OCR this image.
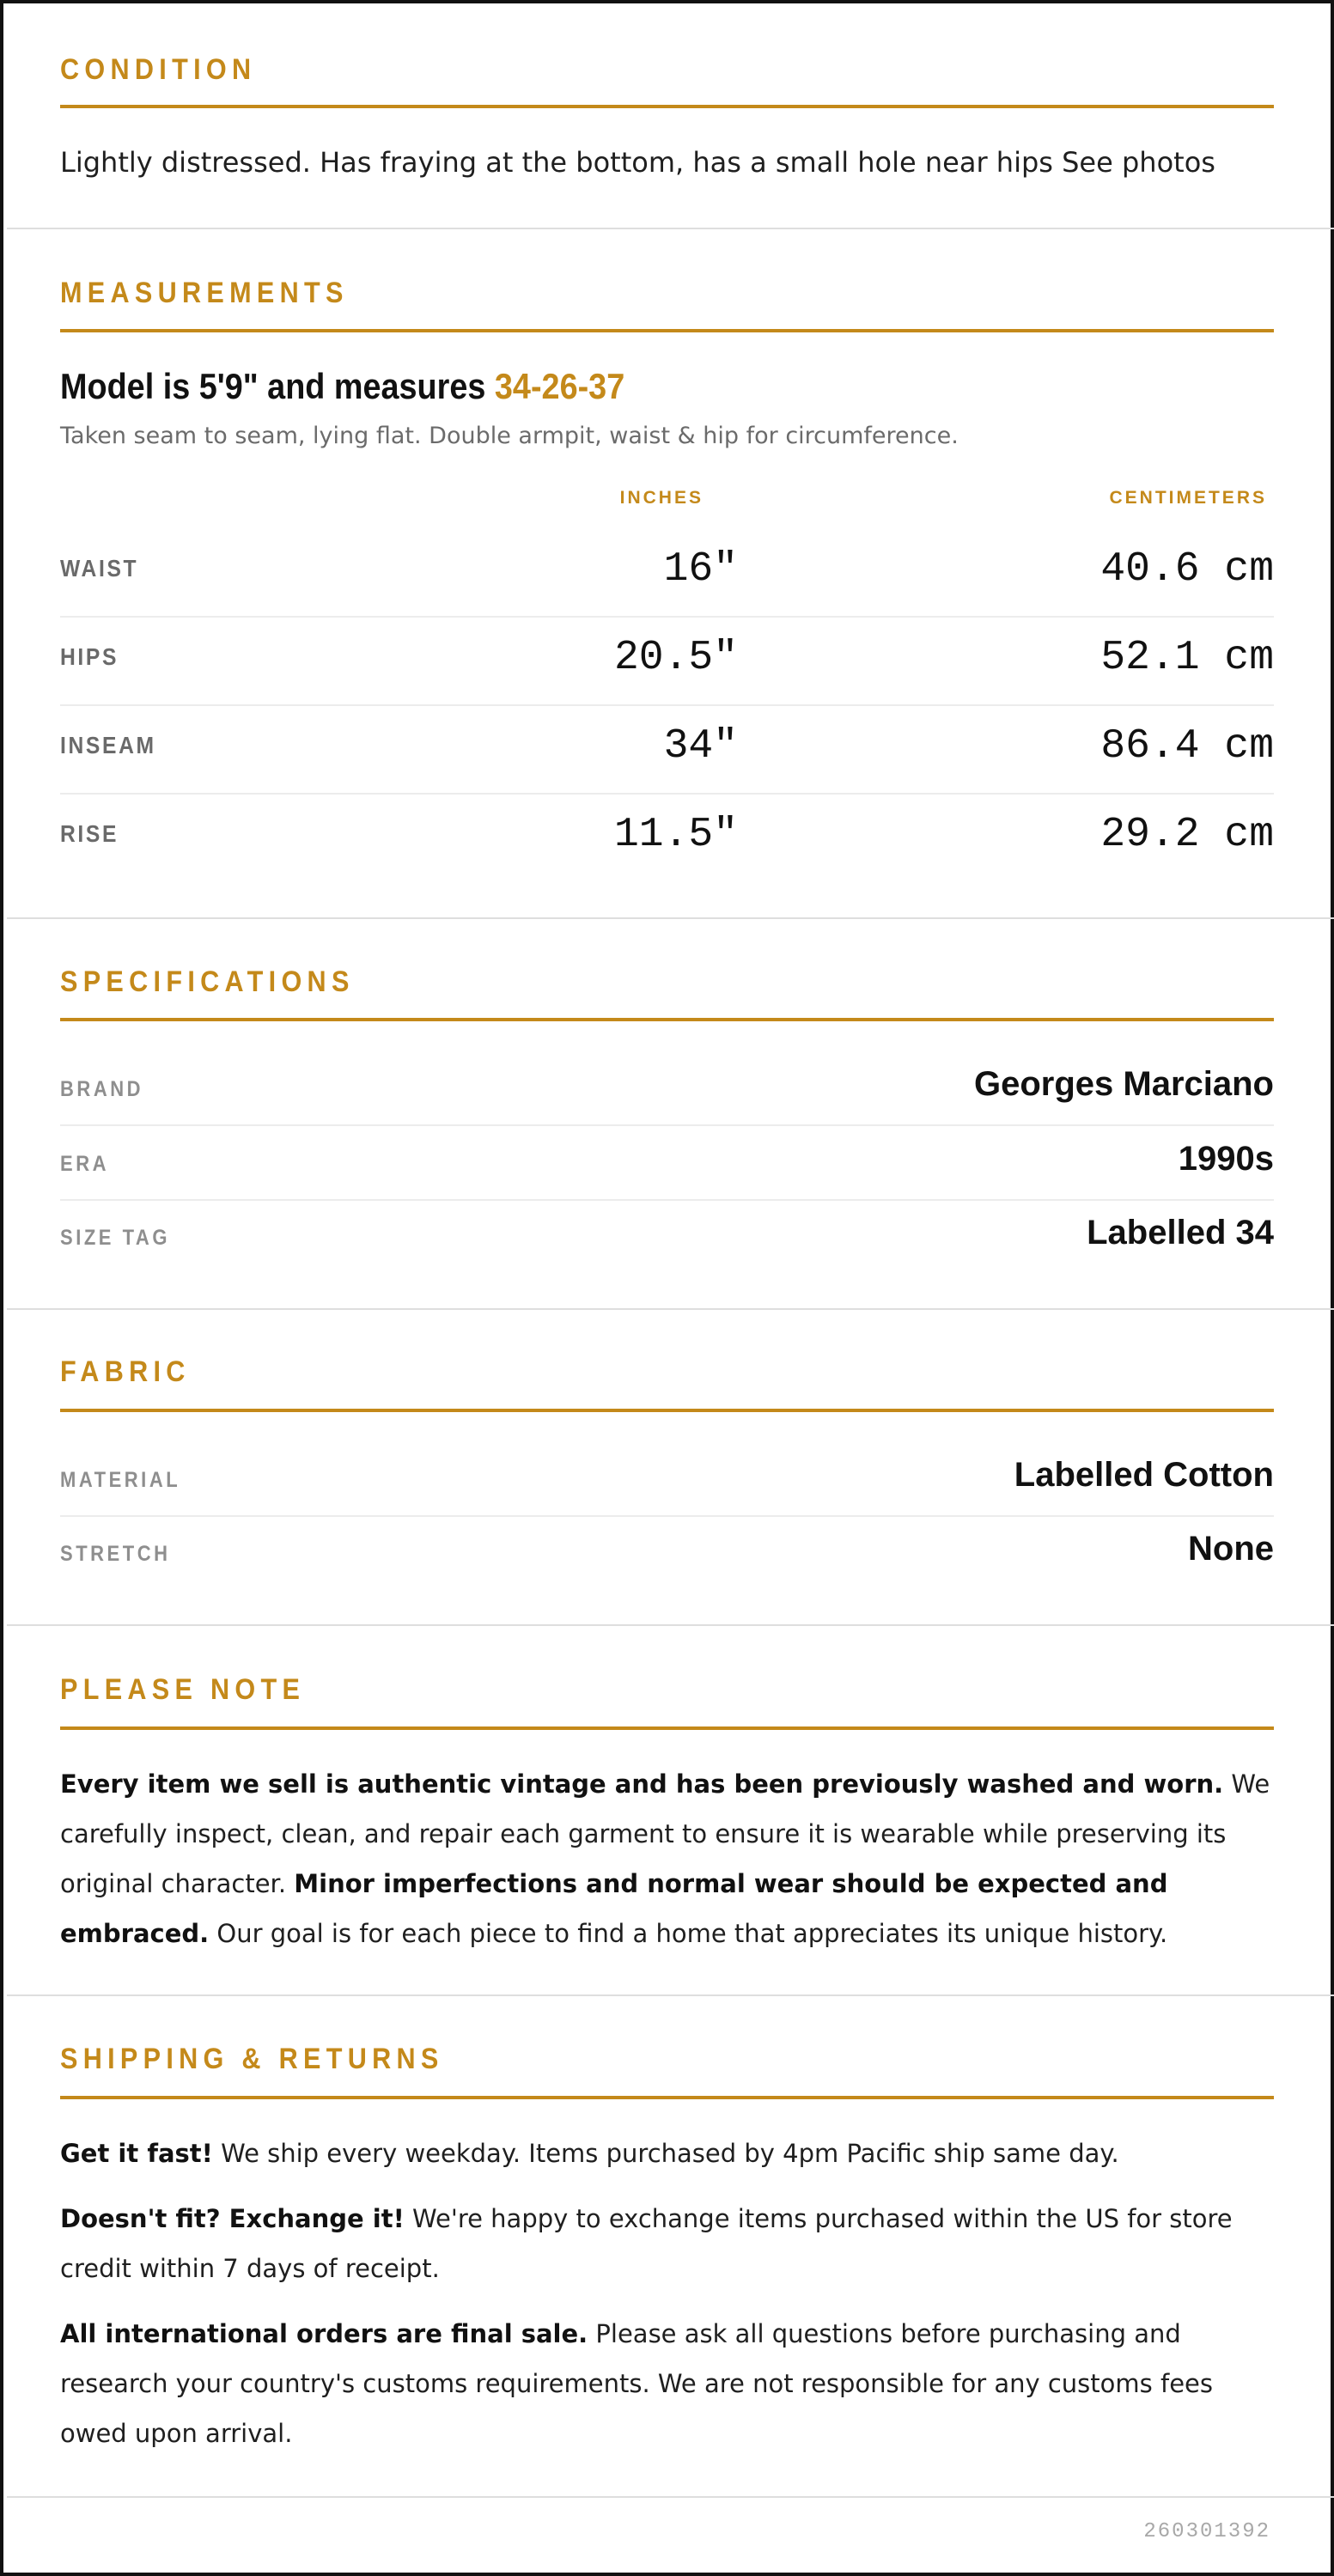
CONDITION
Lightly distressed. Has fraying at the bottom, has a small hole near hips See photos
MEASUREMENTS
Model is 5'9" and measures 34-26-37
Taken seam to seam, lying flat. Double armpit, waist & hip for circumference.
INCHES	CENTIMETERS
WAIST	16"	40.6 cm
HIPS	20.5"	52.1 cm
INSEAM	34"	86.4 cm
RISE	11.5"	29.2 cm
SPECIFICATIONS
BRAND	Georges Marciano
ERA	1990s
SIZE TAG	Labelled 34
FABRIC
MATERIAL	Labelled Cotton
STRETCH	None
PLEASE NOTE

Every item we sell is authentic vintage and has been previously washed and worn. We carefully inspect, clean, and repair each garment to ensure it is wearable while preserving its original character. Minor imperfections and normal wear should be expected and embraced. Our goal is for each piece to find a home that appreciates its unique history.

SHIPPING & RETURNS

Get it fast! We ship every weekday. Items purchased by 4pm Pacific ship same day.

Doesn't fit? Exchange it! We're happy to exchange items purchased within the US for store credit within 7 days of receipt.

All international orders are final sale. Please ask all questions before purchasing and research your country's customs requirements. We are not responsible for any customs fees owed upon arrival.

260301392
